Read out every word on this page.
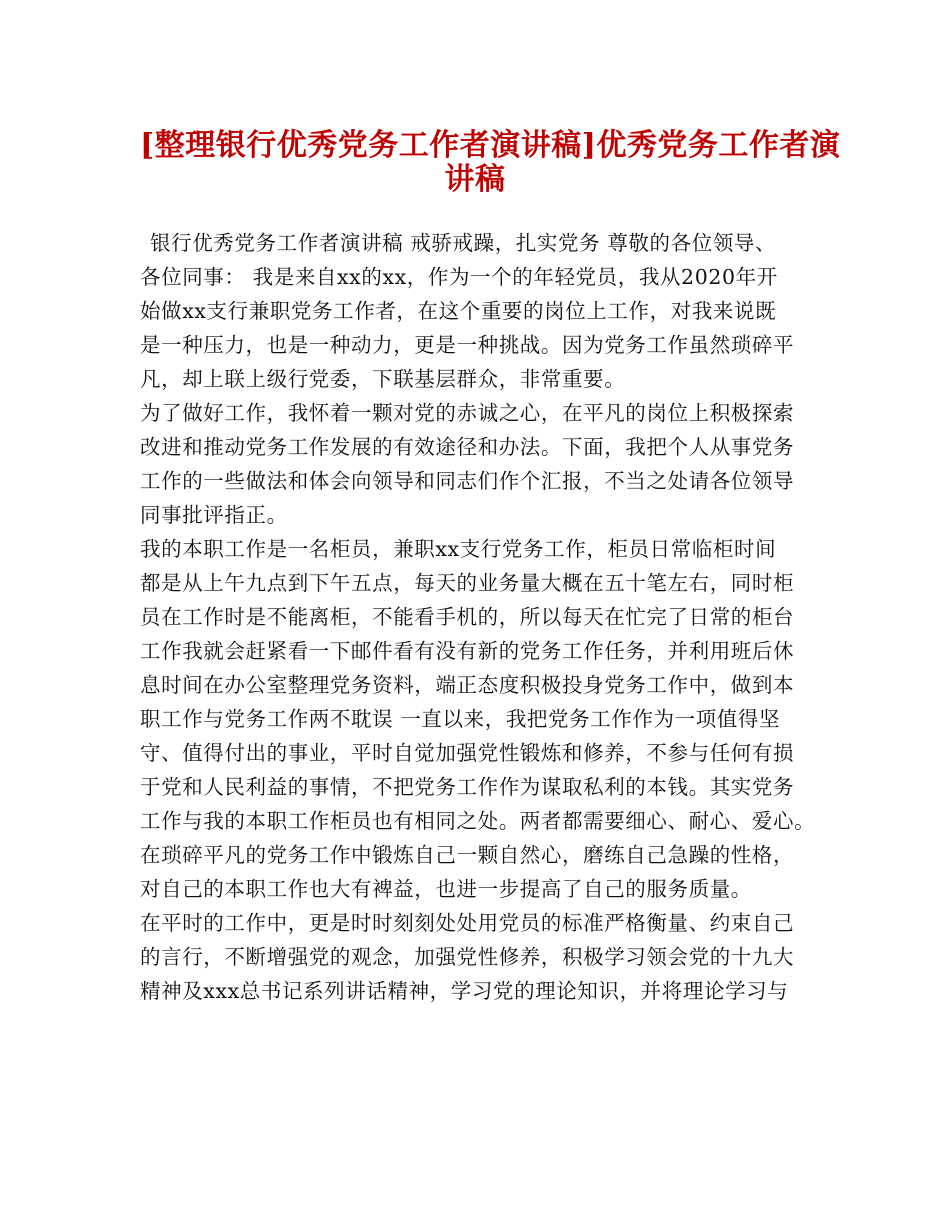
[整理银行优秀党务工作者演讲稿]优秀党务工作者演
讲稿
银行优秀党务工作者演讲稿 戒骄戒躁，扎实党务 尊敬的各位领导、
各位同事： 我是来自xx的xx，作为一个的年轻党员，我从2020年开
始做xx支行兼职党务工作者，在这个重要的岗位上工作，对我来说既
是一种压力，也是一种动力，更是一种挑战。因为党务工作虽然琐碎平
凡，却上联上级行党委，下联基层群众，非常重要。
为了做好工作，我怀着一颗对党的赤诚之心，在平凡的岗位上积极探索
改进和推动党务工作发展的有效途径和办法。下面，我把个人从事党务
工作的一些做法和体会向领导和同志们作个汇报，不当之处请各位领导
同事批评指正。
我的本职工作是一名柜员，兼职xx支行党务工作，柜员日常临柜时间
都是从上午九点到下午五点，每天的业务量大概在五十笔左右，同时柜
员在工作时是不能离柜，不能看手机的，所以每天在忙完了日常的柜台
工作我就会赶紧看一下邮件看有没有新的党务工作任务，并利用班后休
息时间在办公室整理党务资料，端正态度积极投身党务工作中，做到本
职工作与党务工作两不耽误 一直以来，我把党务工作作为一项值得坚
守、值得付出的事业，平时自觉加强党性锻炼和修养，不参与任何有损
于党和人民利益的事情，不把党务工作作为谋取私利的本钱。其实党务
工作与我的本职工作柜员也有相同之处。两者都需要细心、耐心、爱心。
在琐碎平凡的党务工作中锻炼自己一颗自然心，磨练自己急躁的性格，
对自己的本职工作也大有裨益，也进一步提高了自己的服务质量。
在平时的工作中，更是时时刻刻处处用党员的标准严格衡量、约束自己
的言行，不断增强党的观念，加强党性修养，积极学习领会党的十九大
精神及xxx总书记系列讲话精神，学习党的理论知识，并将理论学习与
